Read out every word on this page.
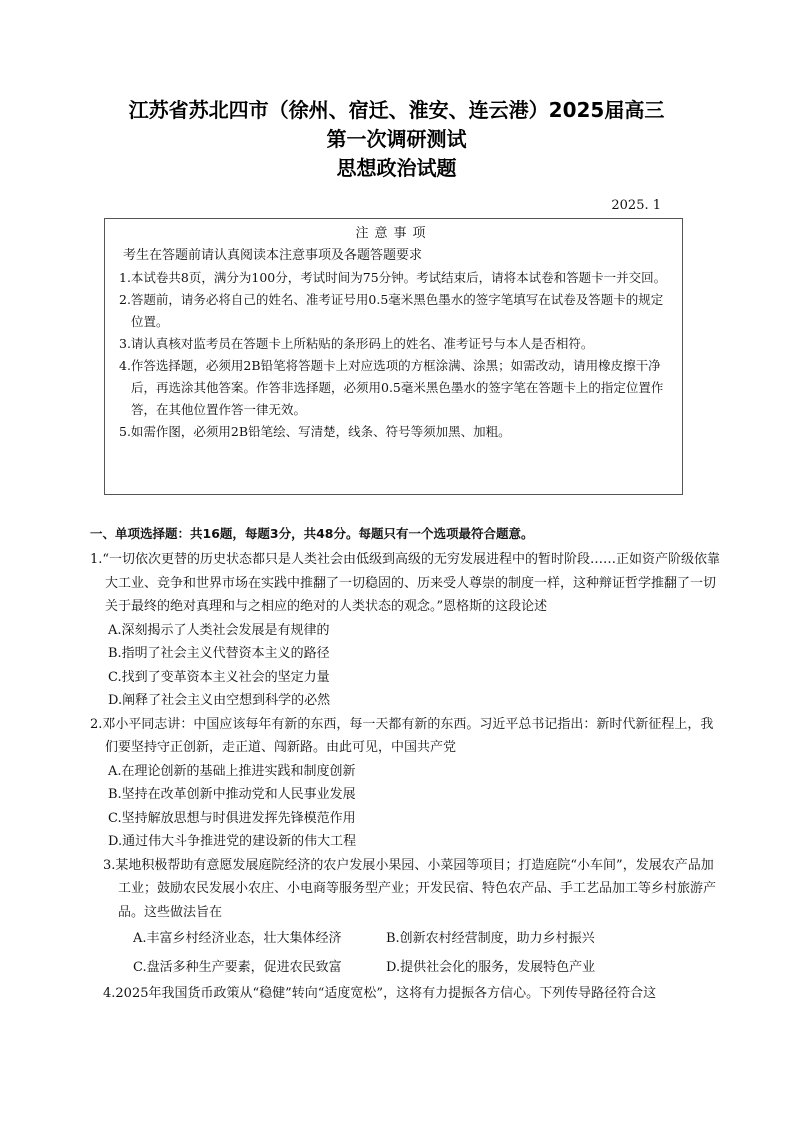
江苏省苏北四市（徐州、宿迁、淮安、连云港）2025届高三
第一次调研测试
思想政治试题
2025. 1
注意事项
考生在答题前请认真阅读本注意事项及各题答题要求
1.本试卷共8页，满分为100分，考试时间为75分钟。考试结束后，请将本试卷和答题卡一并交回。
2.答题前，请务必将自己的姓名、准考证号用0.5毫米黑色墨水的签字笔填写在试卷及答题卡的规定位置。
3.请认真核对监考员在答题卡上所粘贴的条形码上的姓名、准考证号与本人是否相符。
4.作答选择题，必须用2B铅笔将答题卡上对应选项的方框涂满、涂黑；如需改动，请用橡皮擦干净后，再选涂其他答案。作答非选择题，必须用0.5毫米黑色墨水的签字笔在答题卡上的指定位置作答，在其他位置作答一律无效。
5.如需作图，必须用2B铅笔绘、写清楚，线条、符号等须加黑、加粗。
一、单项选择题：共16题，每题3分，共48分。每题只有一个选项最符合题意。
1.“一切依次更替的历史状态都只是人类社会由低级到高级的无穷发展进程中的暂时阶段……正如资产阶级依靠大工业、竞争和世界市场在实践中推翻了一切稳固的、历来受人尊崇的制度一样，这种辩证哲学推翻了一切关于最终的绝对真理和与之相应的绝对的人类状态的观念。”恩格斯的这段论述
A.深刻揭示了人类社会发展是有规律的
B.指明了社会主义代替资本主义的路径
C.找到了变革资本主义社会的坚定力量
D.阐释了社会主义由空想到科学的必然
2.邓小平同志讲：中国应该每年有新的东西，每一天都有新的东西。习近平总书记指出：新时代新征程上，我们要坚持守正创新，走正道、闯新路。由此可见，中国共产党
A.在理论创新的基础上推进实践和制度创新
B.坚持在改革创新中推动党和人民事业发展
C.坚持解放思想与时俱进发挥先锋模范作用
D.通过伟大斗争推进党的建设新的伟大工程
3.某地积极帮助有意愿发展庭院经济的农户发展小果园、小菜园等项目；打造庭院“小车间”，发展农产品加工业；鼓励农民发展小农庄、小电商等服务型产业；开发民宿、特色农产品、手工艺品加工等乡村旅游产品。这些做法旨在
A.丰富乡村经济业态，壮大集体经济	B.创新农村经营制度，助力乡村振兴
C.盘活多种生产要素，促进农民致富	D.提供社会化的服务，发展特色产业
4.2025年我国货币政策从“稳健”转向“适度宽松”，这将有力提振各方信心。下列传导路径符合这
